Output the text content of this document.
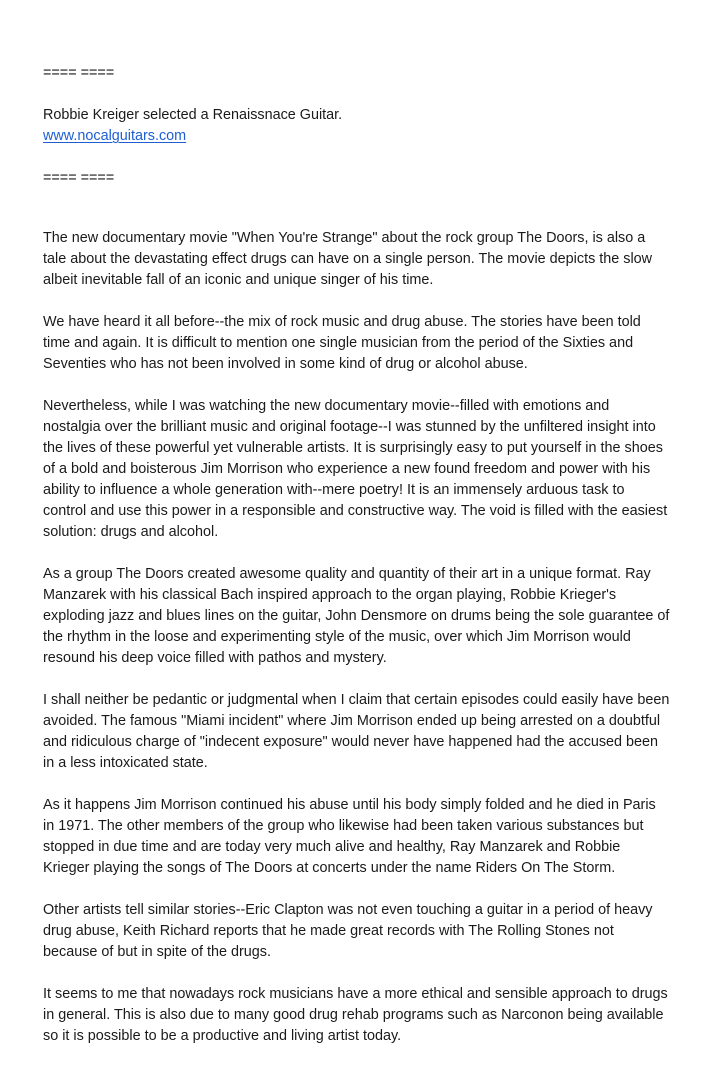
==== ====

Robbie Kreiger selected a Renaissnace Guitar.

www.nocalguitars.com

==== ====

The new documentary movie "When You're Strange" about the rock group The Doors, is also a
tale about the devastating effect drugs can have on a single person. The movie depicts the slow
albeit inevitable fall of an iconic and unique singer of his time.

We have heard it all before--the mix of rock music and drug abuse. The stories have been told
time and again. It is difficult to mention one single musician from the period of the Sixties and
Seventies who has not been involved in some kind of drug or alcohol abuse.

Nevertheless, while I was watching the new documentary movie--filled with emotions and
nostalgia over the brilliant music and original footage--I was stunned by the unfiltered insight into
the lives of these powerful yet vulnerable artists. It is surprisingly easy to put yourself in the shoes
of a bold and boisterous Jim Morrison who experience a new found freedom and power with his
ability to influence a whole generation with--mere poetry! It is an immensely arduous task to
control and use this power in a responsible and constructive way. The void is filled with the easiest
solution: drugs and alcohol.

As a group The Doors created awesome quality and quantity of their art in a unique format. Ray
Manzarek with his classical Bach inspired approach to the organ playing, Robbie Krieger's
exploding jazz and blues lines on the guitar, John Densmore on drums being the sole guarantee of
the rhythm in the loose and experimenting style of the music, over which Jim Morrison would
resound his deep voice filled with pathos and mystery.

I shall neither be pedantic or judgmental when I claim that certain episodes could easily have been
avoided. The famous "Miami incident" where Jim Morrison ended up being arrested on a doubtful
and ridiculous charge of "indecent exposure" would never have happened had the accused been
in a less intoxicated state.

As it happens Jim Morrison continued his abuse until his body simply folded and he died in Paris
in 1971. The other members of the group who likewise had been taken various substances but
stopped in due time and are today very much alive and healthy, Ray Manzarek and Robbie
Krieger playing the songs of The Doors at concerts under the name Riders On The Storm.

Other artists tell similar stories--Eric Clapton was not even touching a guitar in a period of heavy
drug abuse, Keith Richard reports that he made great records with The Rolling Stones not
because of but in spite of the drugs.

It seems to me that nowadays rock musicians have a more ethical and sensible approach to drugs
in general. This is also due to many good drug rehab programs such as Narconon being available
so it is possible to be a productive and living artist today.
